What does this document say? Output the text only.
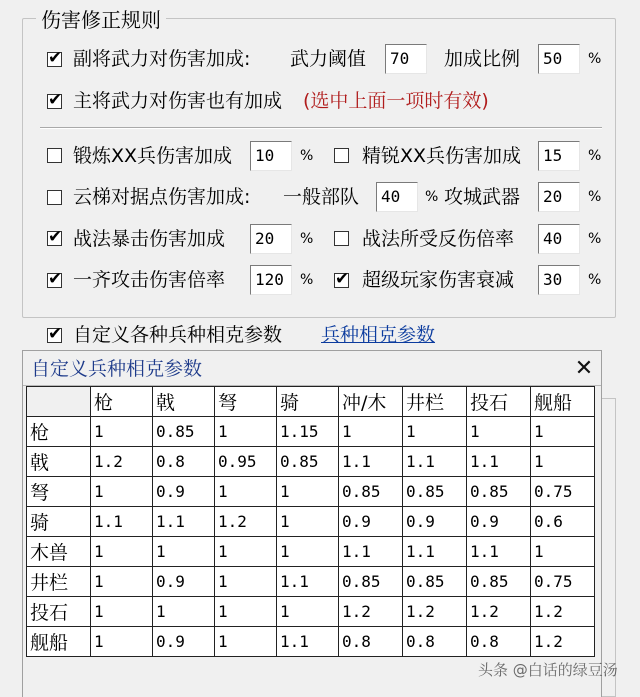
伤害修正规则
✔ 副将武力对伤害加成: 武力阈值	70	加成比例	50	%
✔ 主将武力对伤害也有加成 (选中上面一项时有效)
锻炼XX兵伤害加成	10	%	精锐XX兵伤害加成	15	%
云梯对据点伤害加成: 一般部队	40	% 攻城武器	20	%
✔ 战法暴击伤害加成	20	%	战法所受反伤倍率	40	%
✔ 一齐攻击伤害倍率	120	% ✔ 超级玩家伤害衰减	30	%
✔ 自定义各种兵种相克参数 兵种相克参数
自定义兵种相克参数	✕
	枪	戟	弩	骑	冲/木	井栏	投石	舰船
枪	1	0.85	1	1.15	1	1	1	1
戟	1.2	0.8	0.95	0.85	1.1	1.1	1.1	1
弩	1	0.9	1	1	0.85	0.85	0.85	0.75
骑	1.1	1.1	1.2	1	0.9	0.9	0.9	0.6
木兽	1	1	1	1	1.1	1.1	1.1	1
井栏	1	0.9	1	1.1	0.85	0.85	0.85	0.75
投石	1	1	1	1	1.2	1.2	1.2	1.2
舰船	1	0.9	1	1.1	0.8	0.8	0.8	1.2
头条 @白话的绿豆汤
